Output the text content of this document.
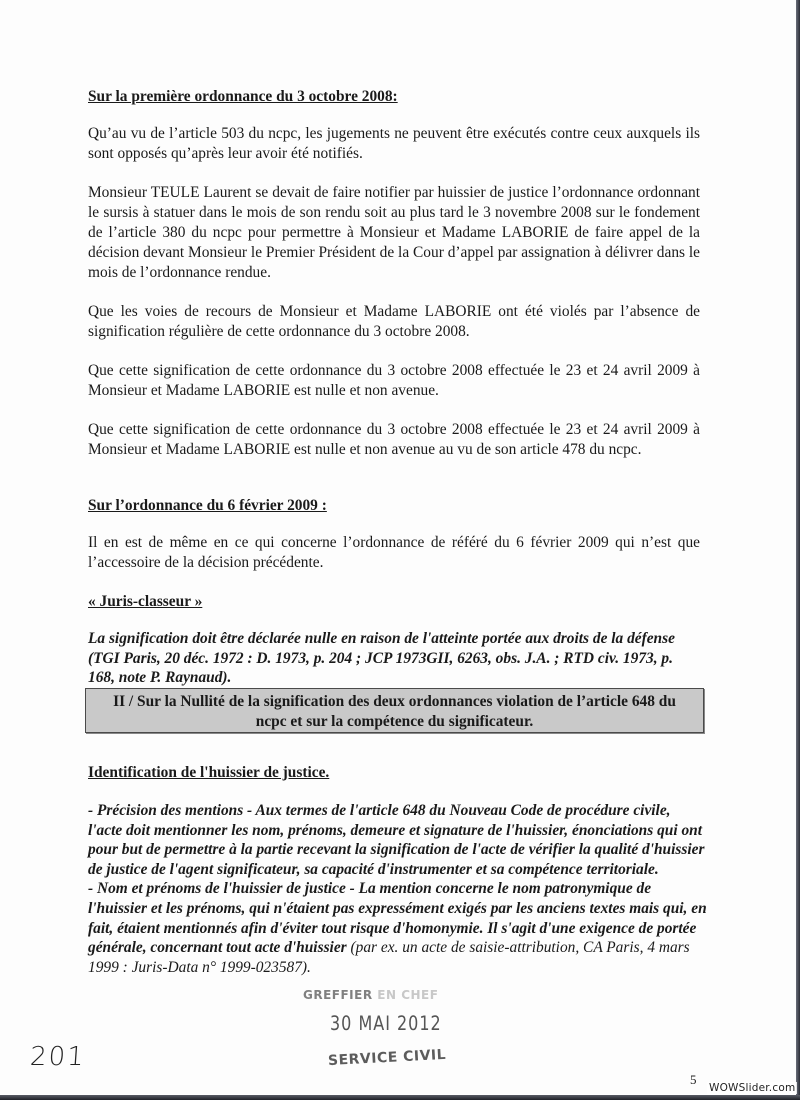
Sur la première ordonnance du 3 octobre 2008:

Qu’au vu de l’article 503 du ncpc, les jugements ne peuvent être exécutés contre ceux auxquels ils sont opposés qu’après leur avoir été notifiés.

Monsieur TEULE Laurent se devait de faire notifier par huissier de justice l’ordonnance ordonnant le sursis à statuer dans le mois de son rendu soit au plus tard le 3 novembre 2008 sur le fondement de l’article 380 du ncpc pour permettre à Monsieur et Madame LABORIE de faire appel de la décision devant Monsieur le Premier Président de la Cour d’appel par assignation à délivrer dans le mois de l’ordonnance rendue.

Que les voies de recours de Monsieur et Madame LABORIE ont été violés par l’absence de signification régulière de cette ordonnance du 3 octobre 2008.

Que cette signification de cette ordonnance du 3 octobre 2008 effectuée le 23 et 24 avril 2009 à Monsieur et Madame LABORIE est nulle et non avenue.

Que cette signification de cette ordonnance du 3 octobre 2008 effectuée le 23 et 24 avril 2009 à Monsieur et Madame LABORIE est nulle et non avenue au vu de son article 478 du ncpc.

Sur l’ordonnance du 6 février 2009 :

Il en est de même en ce qui concerne l’ordonnance de référé du 6 février 2009 qui n’est que l’accessoire de la décision précédente.

« Juris-classeur »

La signification doit être déclarée nulle en raison de l'atteinte portée aux droits de la défense (TGI Paris, 20 déc. 1972 : D. 1973, p. 204 ; JCP 1973GII, 6263, obs. J.A. ; RTD civ. 1973, p. 168, note P. Raynaud).

II / Sur la Nullité de la signification des deux ordonnances violation de l’article 648 du
ncpc et sur la compétence du significateur.

Identification de l'huissier de justice.

- Précision des mentions - Aux termes de l'article 648 du Nouveau Code de procédure civile, l'acte doit mentionner les nom, prénoms, demeure et signature de l'huissier, énonciations qui ont pour but de permettre à la partie recevant la signification de l'acte de vérifier la qualité d'huissier de justice de l'agent significateur, sa capacité d'instrumenter et sa compétence territoriale.

- Nom et prénoms de l'huissier de justice - La mention concerne le nom patronymique de l'huissier et les prénoms, qui n'étaient pas expressément exigés par les anciens textes mais qui, en fait, étaient mentionnés afin d'éviter tout risque d'homonymie. Il s'agit d'une exigence de portée générale, concernant tout acte d'huissier (par ex. un acte de saisie-attribution, CA Paris, 4 mars 1999 : Juris-Data n° 1999-023587).

GREFFIER EN CHEF
30 MAI 2012
SERVICE CIVIL
201
5
WOWSlider.com
